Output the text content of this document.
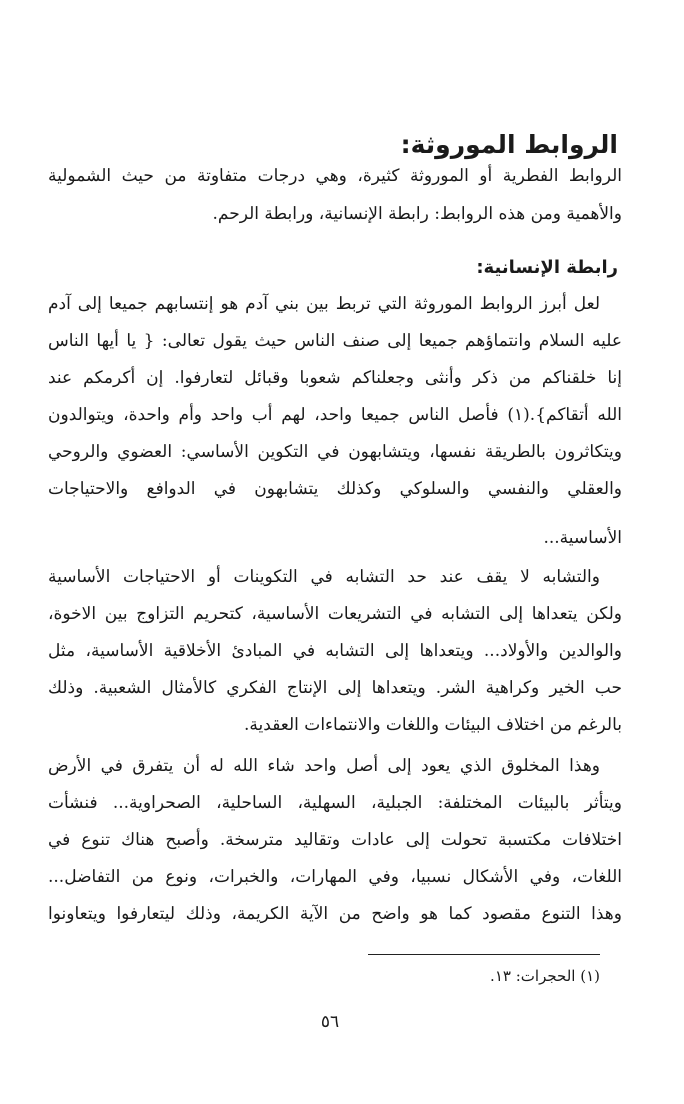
الروابط الموروثة:
الروابط الفطرية أو الموروثة كثيرة، وهي درجات متفاوتة من حيث الشمولية
والأهمية ومن هذه الروابط: رابطة الإنسانية، ورابطة الرحم.
رابطة الإنسانية:
لعل أبرز الروابط الموروثة التي تربط بين بني آدم هو إنتسابهم جميعا إلى آدم
عليه السلام وانتماؤهم جميعا إلى صنف الناس حيث يقول تعالى: { يا أيها الناس
إنا خلقناكم من ذكر وأنثى وجعلناكم شعوبا وقبائل لتعارفوا. إن أكرمكم عند
الله أتقاكم}.(١) فأصل الناس جميعا واحد، لهم أب واحد وأم واحدة، ويتوالدون
ويتكاثرون بالطريقة نفسها، ويتشابهون في التكوين الأساسي: العضوي والروحي
والعقلي والنفسي والسلوكي وكذلك يتشابهون في الدوافع والاحتياجات
الأساسية...
والتشابه لا يقف عند حد التشابه في التكوينات أو الاحتياجات الأساسية
ولكن يتعداها إلى التشابه في التشريعات الأساسية، كتحريم التزاوج بين الاخوة،
والوالدين والأولاد... ويتعداها إلى التشابه في المبادئ الأخلاقية الأساسية، مثل
حب الخير وكراهية الشر. ويتعداها إلى الإنتاج الفكري كالأمثال الشعبية. وذلك
بالرغم من اختلاف البيئات واللغات والانتماءات العقدية.
وهذا المخلوق الذي يعود إلى أصل واحد شاء الله له أن يتفرق في الأرض
ويتأثر بالبيئات المختلفة: الجبلية، السهلية، الساحلية، الصحراوية... فنشأت
اختلافات مكتسبة تحولت إلى عادات وتقاليد مترسخة. وأصبح هناك تنوع في
اللغات، وفي الأشكال نسبيا، وفي المهارات، والخبرات، ونوع من التفاضل...
وهذا التنوع مقصود كما هو واضح من الآية الكريمة، وذلك ليتعارفوا ويتعاونوا
(١) الحجرات: ١٣.
٥٦
